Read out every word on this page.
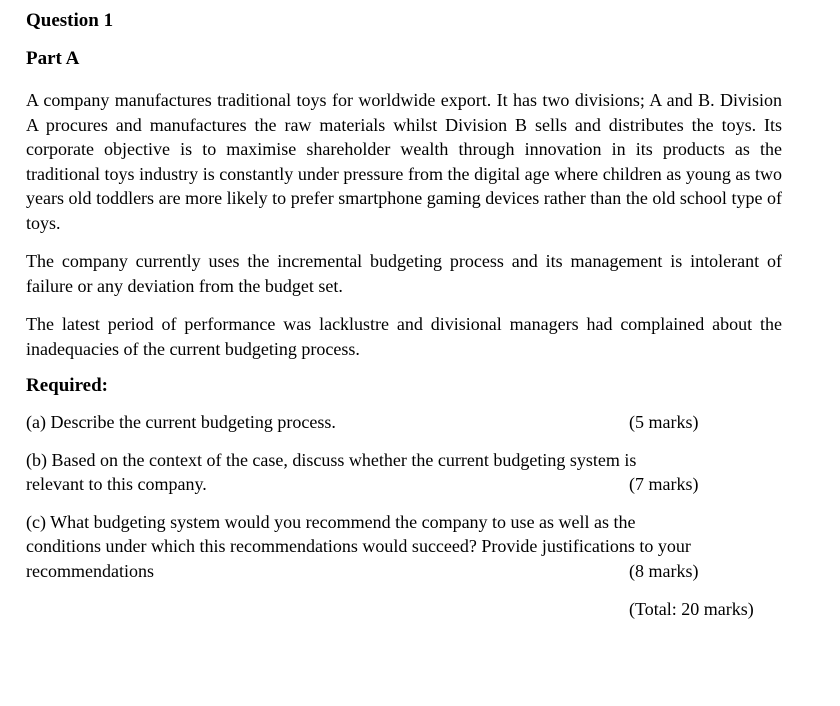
Question 1
Part A

A company manufactures traditional toys for worldwide export. It has two divisions; A and B. Division A procures and manufactures the raw materials whilst Division B sells and distributes the toys. Its corporate objective is to maximise shareholder wealth through innovation in its products as the traditional toys industry is constantly under pressure from the digital age where children as young as two years old toddlers are more likely to prefer smartphone gaming devices rather than the old school type of toys.

The company currently uses the incremental budgeting process and its management is intolerant of failure or any deviation from the budget set.

The latest period of performance was lacklustre and divisional managers had complained about the inadequacies of the current budgeting process.

Required:
(a) Describe the current budgeting process.	(5 marks)
(b) Based on the context of the case, discuss whether the current budgeting system is
relevant to this company.	(7 marks)
(c) What budgeting system would you recommend the company to use as well as the
conditions under which this recommendations would succeed? Provide justifications to your
recommendations	(8 marks)
(Total: 20 marks)
